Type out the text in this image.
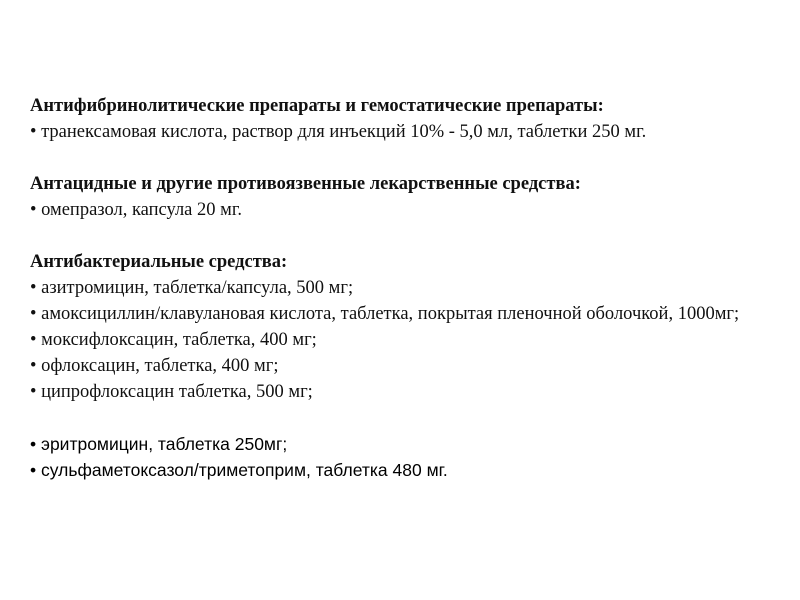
Антифибринолитические препараты и гемостатические препараты:

• транексамовая кислота, раствор для инъекций 10% - 5,0 мл, таблетки 250 мг.

Антацидные и другие противоязвенные лекарственные средства:

• омепразол, капсула 20 мг.

Антибактериальные средства:

• азитромицин, таблетка/капсула, 500 мг;

• амоксициллин/клавулановая кислота, таблетка, покрытая пленочной оболочкой, 1000мг;

• моксифлоксацин, таблетка, 400 мг;

• офлоксацин, таблетка, 400 мг;

• ципрофлоксацин таблетка, 500 мг;

• эритромицин, таблетка 250мг;

• сульфаметоксазол/триметоприм, таблетка 480 мг.
